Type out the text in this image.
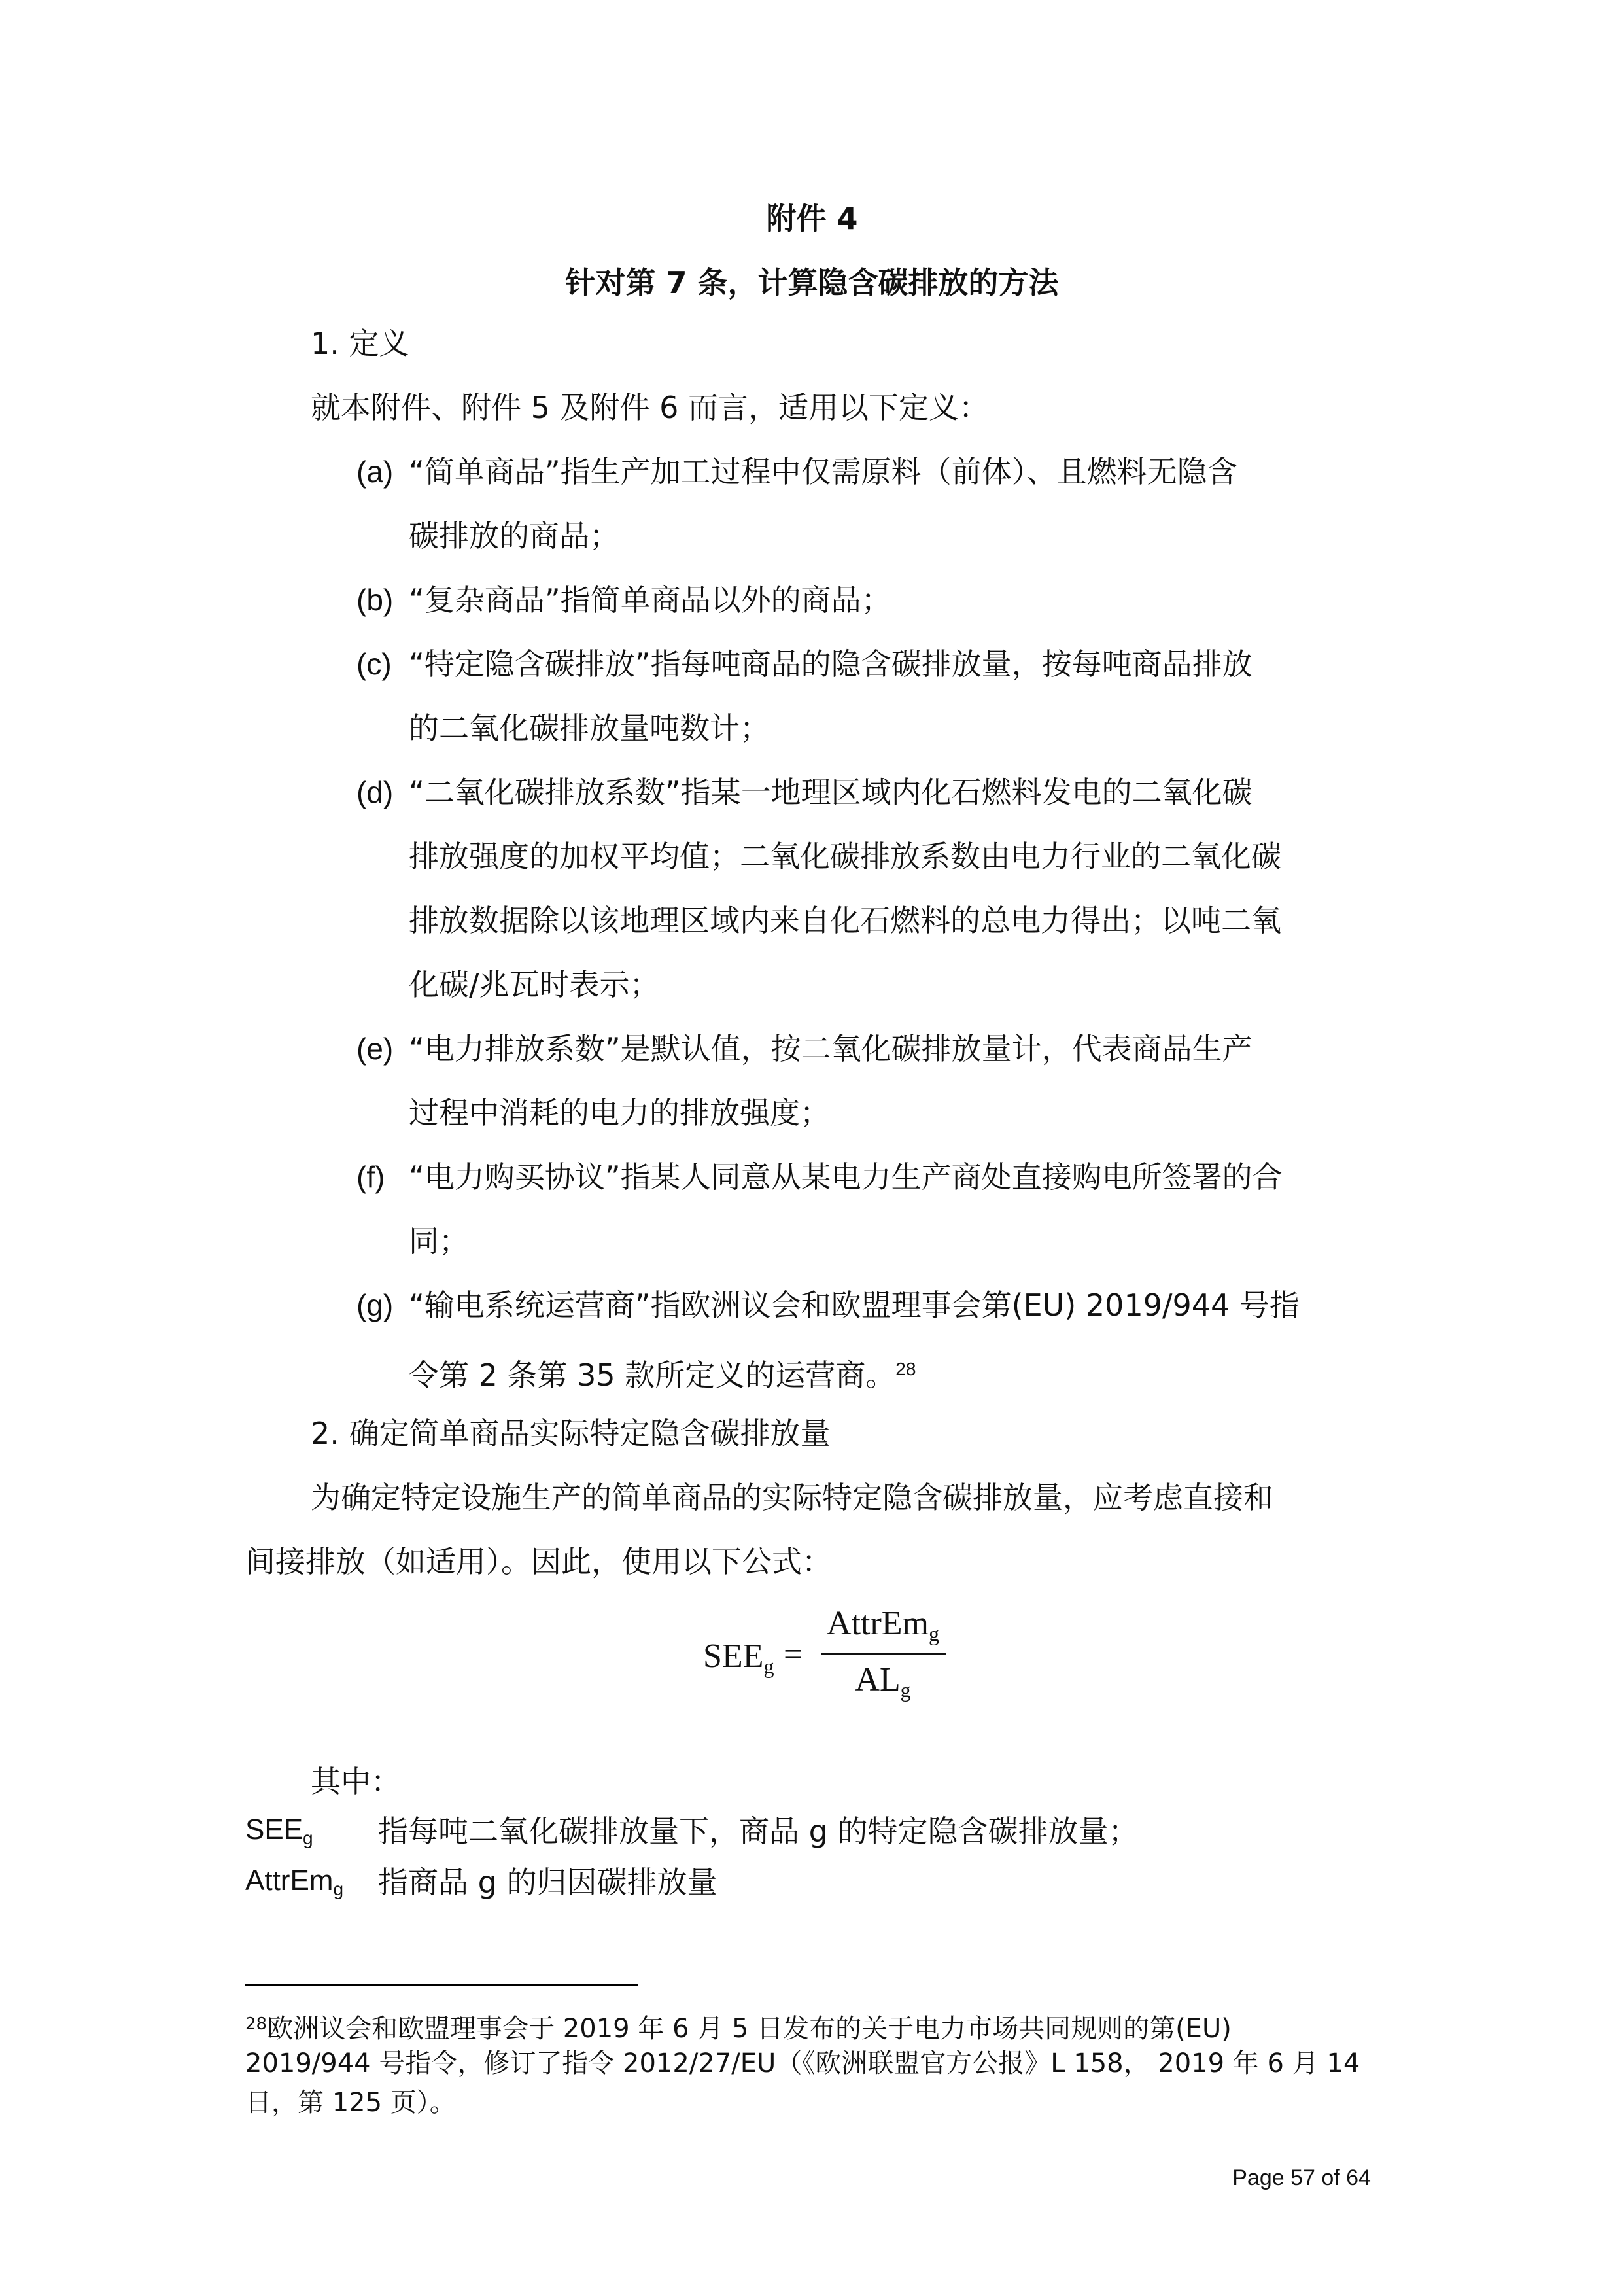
附件 4
针对第 7 条，计算隐含碳排放的方法
1. 定义
就本附件、附件 5 及附件 6 而言，适用以下定义：
(a) “简单商品”指生产加工过程中仅需原料（前体）、且燃料无隐含
碳排放的商品；
(b) “复杂商品”指简单商品以外的商品；
(c) “特定隐含碳排放”指每吨商品的隐含碳排放量，按每吨商品排放
的二氧化碳排放量吨数计；
(d) “二氧化碳排放系数”指某一地理区域内化石燃料发电的二氧化碳
排放强度的加权平均值；二氧化碳排放系数由电力行业的二氧化碳
排放数据除以该地理区域内来自化石燃料的总电力得出；以吨二氧
化碳/兆瓦时表示；
(e) “电力排放系数”是默认值，按二氧化碳排放量计，代表商品生产
过程中消耗的电力的排放强度；
(f) “电力购买协议”指某人同意从某电力生产商处直接购电所签署的合
同；
(g) “输电系统运营商”指欧洲议会和欧盟理事会第(EU) 2019/944 号指
令第 2 条第 35 款所定义的运营商。$^{28}$
2. 确定简单商品实际特定隐含碳排放量
为确定特定设施生产的简单商品的实际特定隐含碳排放量，应考虑直接和
间接排放（如适用）。因此，使用以下公式：
$SEE_g$ =
AttrEm$_g$
$AL_g$
其中：
$SEE_g$ 指每吨二氧化碳排放量下，商品 g 的特定隐含碳排放量；
AttrEm$_g$ 指商品 g 的归因碳排放量
$^{28}$欧洲议会和欧盟理事会于 2019 年 6 月 5 日发布的关于电力市场共同规则的第(EU)
2019/944 号指令，修订了指令 2012/27/EU（《欧洲联盟官方公报》L 158， 2019 年 6 月 14
日，第 125 页）。
Page 57 of 64
